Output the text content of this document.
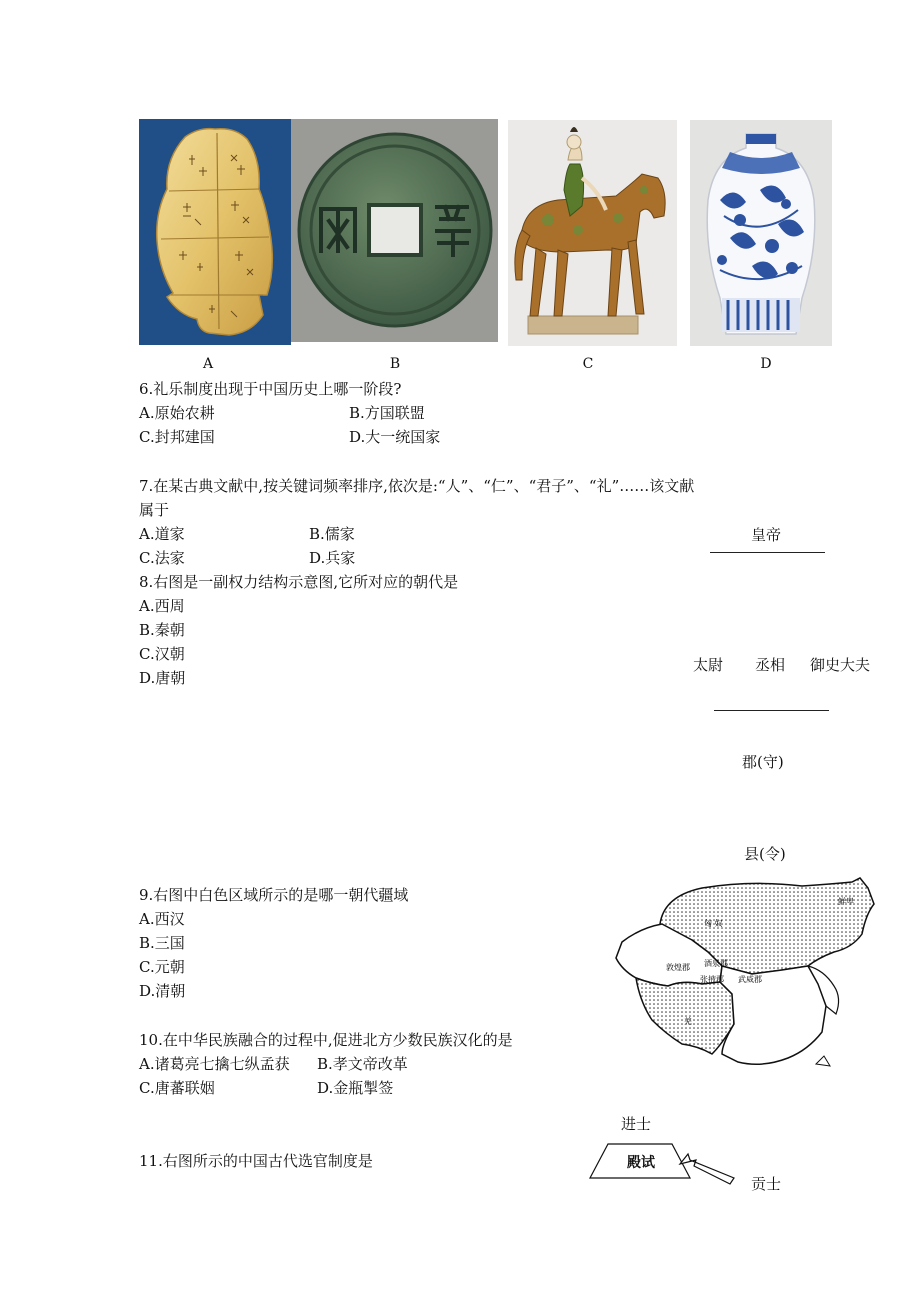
A	B	C	D
6.礼乐制度出现于中国历史上哪一阶段?
A.原始农耕	B.方国联盟
C.封邦建国	D.大一统国家
7.在某古典文献中,按关键词频率排序,依次是:“人”、“仁”、“君子”、“礼”……该文献
属于
A.道家	B.儒家
C.法家	D.兵家
8.右图是一副权力结构示意图,它所对应的朝代是
A.西周
B.秦朝
C.汉朝
D.唐朝
皇帝
太尉 丞相 御史大夫
郡(守)
县(令)
9.右图中白色区域所示的是哪一朝代疆域
A.西汉
B.三国
C.元朝
D.清朝
匈 奴
鲜卑
酒泉郡
敦煌郡
张掖郡 武威郡
羌
10.在中华民族融合的过程中,促进北方少数民族汉化的是
A.诸葛亮七擒七纵孟获 B.孝文帝改革
C.唐蕃联姻	D.金瓶掣签
11.右图所示的中国古代选官制度是
进士
殿试
贡士
